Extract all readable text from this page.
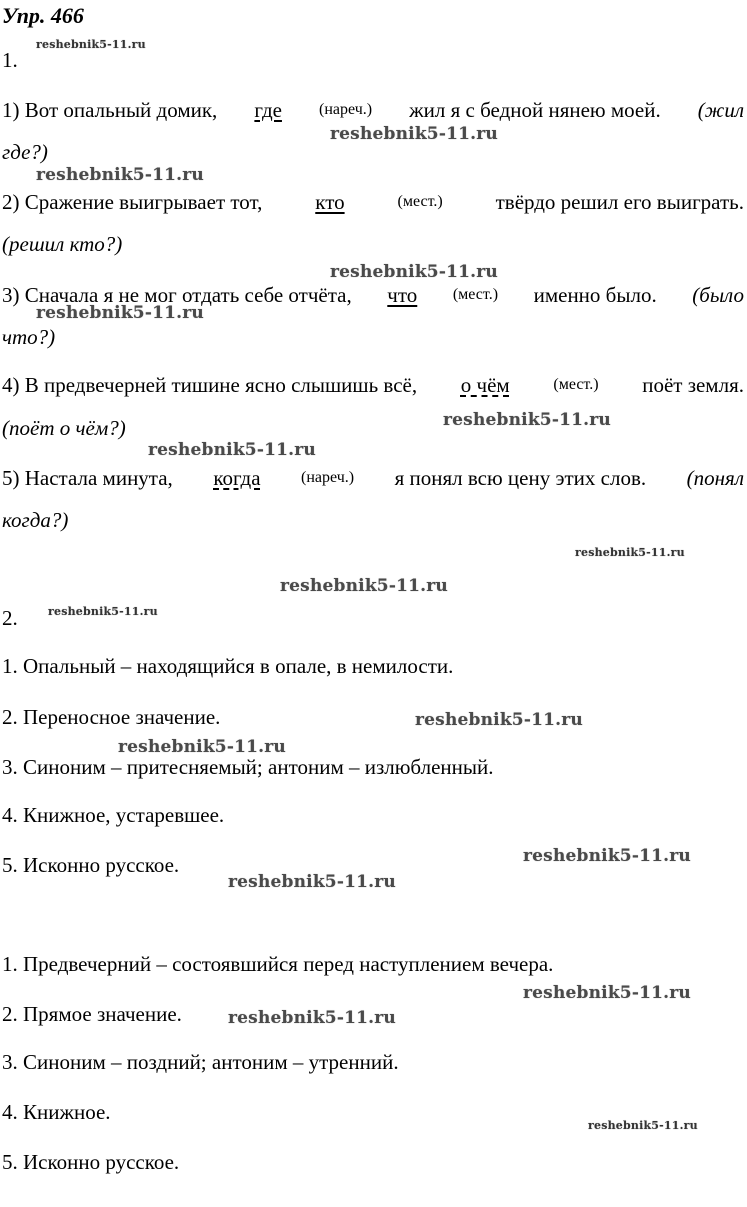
Упр. 466
1.
1) Вот опальный домик, где (нареч.) жил я с бедной нянею моей. (жил
где?)
2) Сражение выигрывает тот,	кто	(мест.)	твёрдо решил его выиграть.
(решил кто?)
3) Сначала я не мог отдать себе отчёта, что (мест.) именно было. (было
что?)
4) В предвечерней тишине ясно слышишь всё, о чём	(мест.) поёт земля.
(поёт о чём?)
5) Настала минута, когда	(нареч.) я понял всю цену этих слов. (понял
когда?)
2.
1. Опальный – находящийся в опале, в немилости.
2. Переносное значение.
3. Синоним – притесняемый; антоним – излюбленный.
4. Книжное, устаревшее.
5. Исконно русское.
1. Предвечерний – состоявшийся перед наступлением вечера.
2. Прямое значение.
3. Синоним – поздний; антоним – утренний.
4. Книжное.
5. Исконно русское.
reshebnik5-11.ru
reshebnik5-11.ru
reshebnik5-11.ru
reshebnik5-11.ru
reshebnik5-11.ru
reshebnik5-11.ru
reshebnik5-11.ru
reshebnik5-11.ru
reshebnik5-11.ru
reshebnik5-11.ru
reshebnik5-11.ru
reshebnik5-11.ru
reshebnik5-11.ru
reshebnik5-11.ru
reshebnik5-11.ru
reshebnik5-11.ru
reshebnik5-11.ru
